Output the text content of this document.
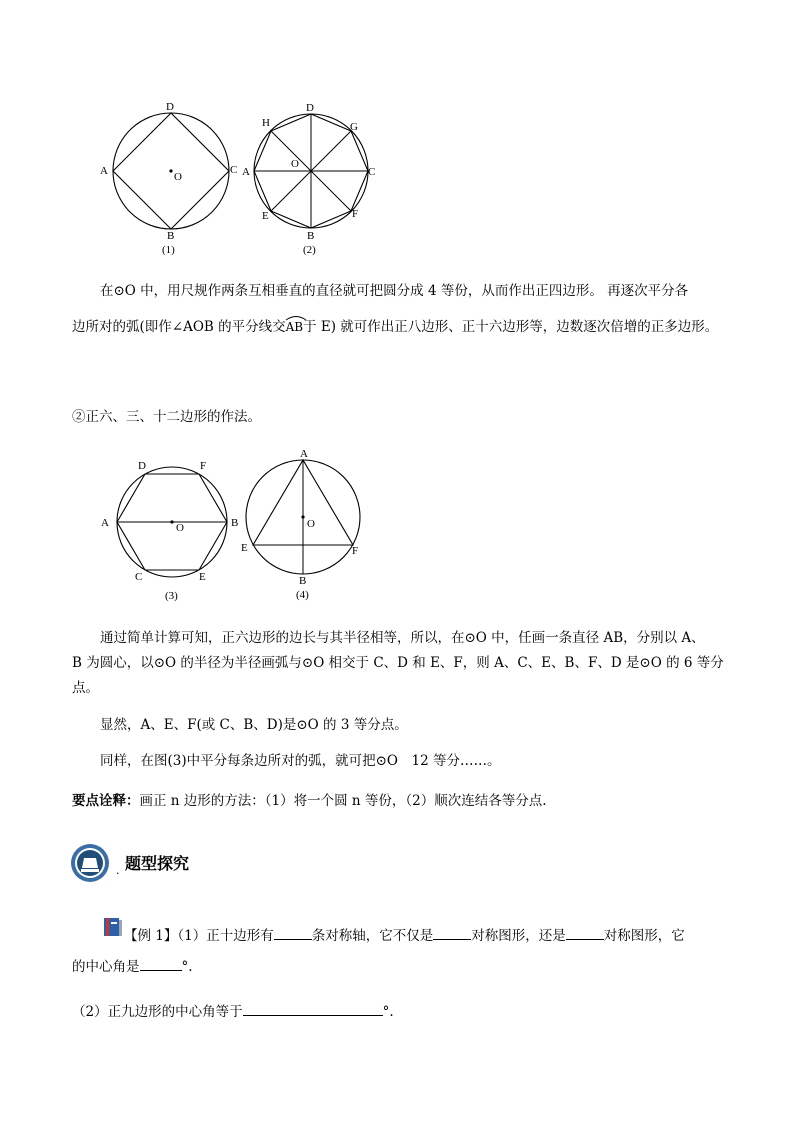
D
A	C
O
B
(1)
D
H	G
O
A	C
E	F
B
(2)
在⊙O 中，用尺规作两条互相垂直的直径就可把圆分成 4 等份，从而作出正四边形。 再逐次平分各
边所对的弧(即作∠AOB 的平分线交
AB于 E) 就可作出正八边形、正十六边形等，边数逐次倍增的正多边形。
②正六、三、十二边形的作法。
D	F
A	B
O
C	E
(3)
A
O
E	F
B
(4)
通过简单计算可知，正六边形的边长与其半径相等，所以，在⊙O 中，任画一条直径 AB，分别以 A、
B 为圆心，以⊙O 的半径为半径画弧与⊙O 相交于 C、D 和 E、F，则 A、C、E、B、F、D 是⊙O 的 6 等分
点。
显然，A、E、F(或 C、B、D)是⊙O 的 3 等分点。
同样，在图(3)中平分每条边所对的弧，就可把⊙O　12 等分……。
要点诠释：画正 n 边形的方法：（1）将一个圆 n 等份，（2）顺次连结各等分点.
. 题型探究
【例 1】（1）正十边形有	条对称轴，它不仅是	对称图形，还是	对称图形，它
的中心角是	°.
（2）正九边形的中心角等于	°.
